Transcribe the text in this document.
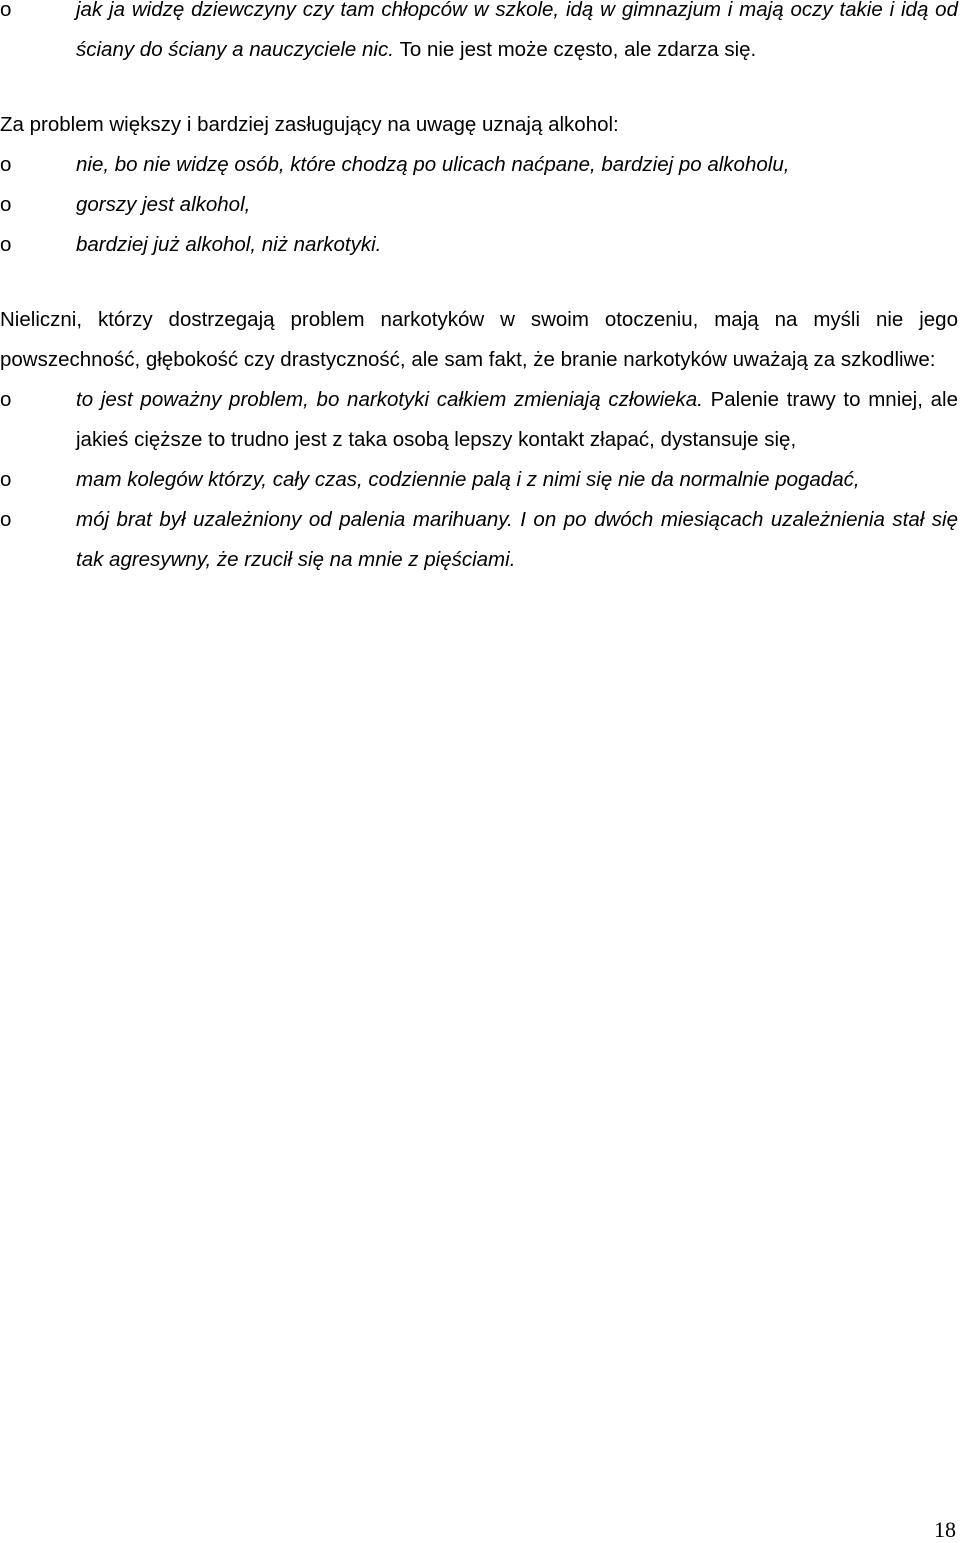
o	jak ja widzę dziewczyny czy tam chłopców w szkole, idą w gimnazjum i mają oczy takie i idą od ściany do ściany a nauczyciele nic. To nie jest może często, ale zdarza się.

Za problem większy i bardziej zasługujący na uwagę uznają alkohol:

o	nie, bo nie widzę osób, które chodzą po ulicach naćpane, bardziej po alkoholu,
o	gorszy jest alkohol,
o	bardziej już alkohol, niż narkotyki.

Nieliczni, którzy dostrzegają problem narkotyków w swoim otoczeniu, mają na myśli nie jego powszechność, głębokość czy drastyczność, ale sam fakt, że branie narkotyków uważają za szkodliwe:

o	to jest poważny problem, bo narkotyki całkiem zmieniają człowieka. Palenie trawy to mniej, ale jakieś cięższe to trudno jest z taka osobą lepszy kontakt złapać, dystansuje się,
o	mam kolegów którzy, cały czas, codziennie palą i z nimi się nie da normalnie pogadać,
o	mój brat był uzależniony od palenia marihuany. I on po dwóch miesiącach uzależnienia stał się tak agresywny, że rzucił się na mnie z pięściami.
18
